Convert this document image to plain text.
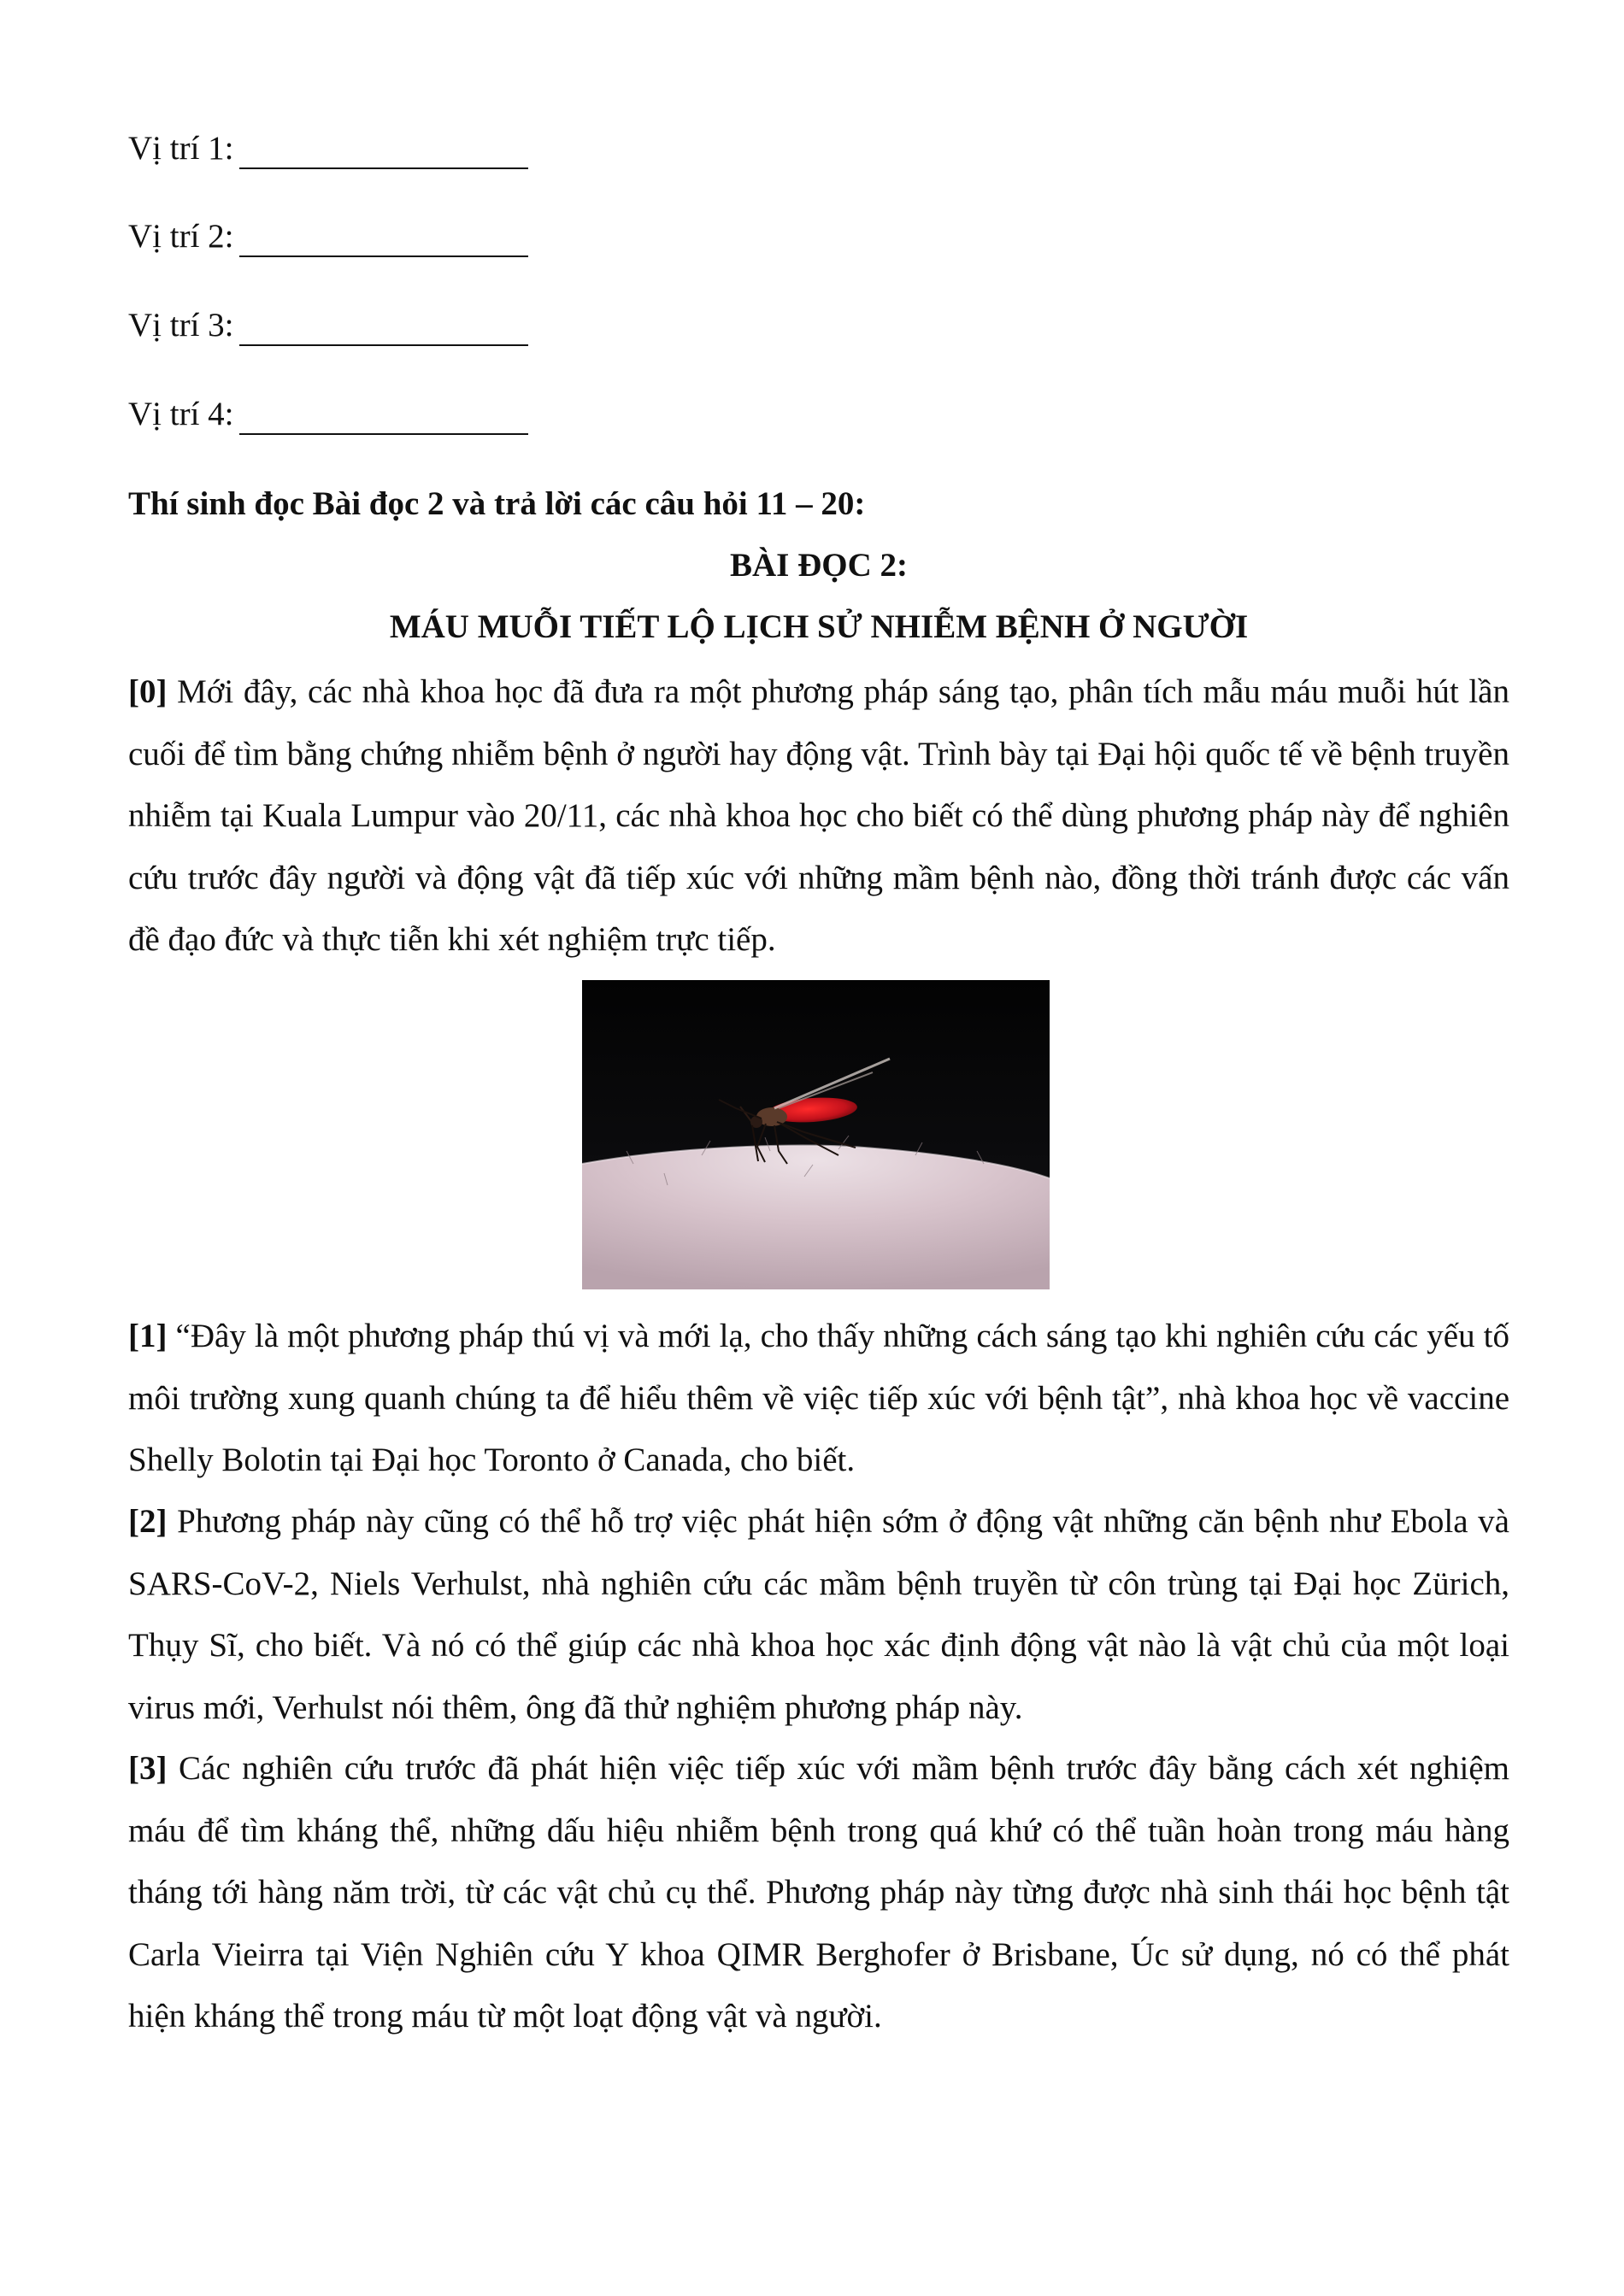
Vị trí 1:
Vị trí 2:
Vị trí 3:
Vị trí 4:
Thí sinh đọc Bài đọc 2 và trả lời các câu hỏi 11 – 20:
BÀI ĐỌC 2:
MÁU MUỖI TIẾT LỘ LỊCH SỬ NHIỄM BỆNH Ở NGƯỜI
[0] Mới đây, các nhà khoa học đã đưa ra một phương pháp sáng tạo, phân tích mẫu máu muỗi hút lần cuối để tìm bằng chứng nhiễm bệnh ở người hay động vật. Trình bày tại Đại hội quốc tế về bệnh truyền nhiễm tại Kuala Lumpur vào 20/11, các nhà khoa học cho biết có thể dùng phương pháp này để nghiên cứu trước đây người và động vật đã tiếp xúc với những mầm bệnh nào, đồng thời tránh được các vấn đề đạo đức và thực tiễn khi xét nghiệm trực tiếp.
[1] “Đây là một phương pháp thú vị và mới lạ, cho thấy những cách sáng tạo khi nghiên cứu các yếu tố môi trường xung quanh chúng ta để hiểu thêm về việc tiếp xúc với bệnh tật”, nhà khoa học về vaccine Shelly Bolotin tại Đại học Toronto ở Canada, cho biết.
[2] Phương pháp này cũng có thể hỗ trợ việc phát hiện sớm ở động vật những căn bệnh như Ebola và SARS-CoV-2, Niels Verhulst, nhà nghiên cứu các mầm bệnh truyền từ côn trùng tại Đại học Zürich, Thụy Sĩ, cho biết. Và nó có thể giúp các nhà khoa học xác định động vật nào là vật chủ của một loại virus mới, Verhulst nói thêm, ông đã thử nghiệm phương pháp này.
[3] Các nghiên cứu trước đã phát hiện việc tiếp xúc với mầm bệnh trước đây bằng cách xét nghiệm máu để tìm kháng thể, những dấu hiệu nhiễm bệnh trong quá khứ có thể tuần hoàn trong máu hàng tháng tới hàng năm trời, từ các vật chủ cụ thể. Phương pháp này từng được nhà sinh thái học bệnh tật Carla Vieirra tại Viện Nghiên cứu Y khoa QIMR Berghofer ở Brisbane, Úc sử dụng, nó có thể phát hiện kháng thể trong máu từ một loạt động vật và người.
